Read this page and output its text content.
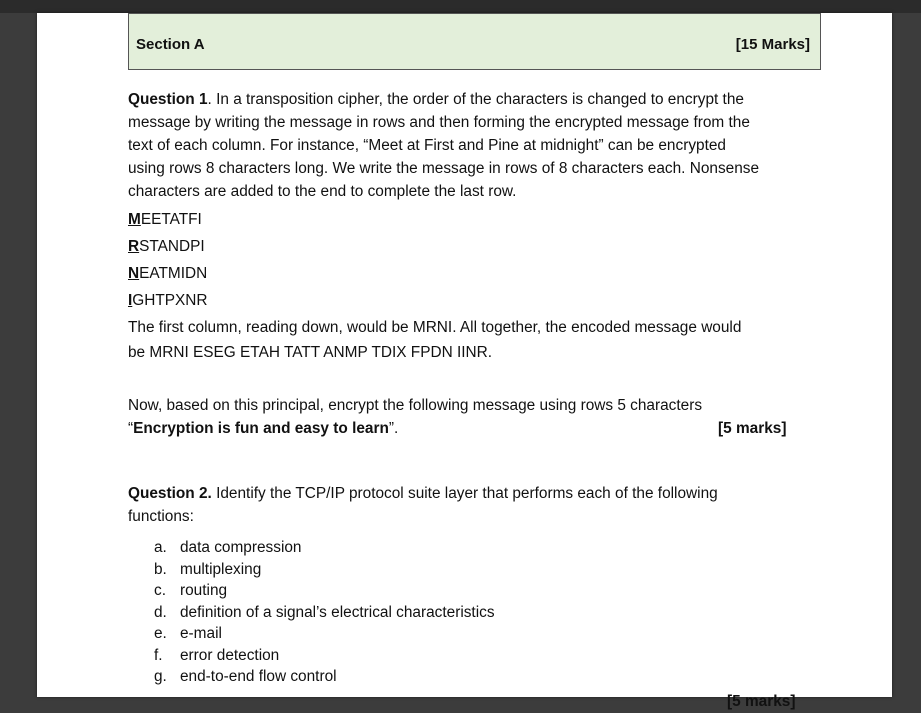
Section A	[15 Marks]
Question 1. In a transposition cipher, the order of the characters is changed to encrypt the
message by writing the message in rows and then forming the encrypted message from the
text of each column. For instance, “Meet at First and Pine at midnight” can be encrypted
using rows 8 characters long. We write the message in rows of 8 characters each. Nonsense
characters are added to the end to complete the last row.
MEETATFI
RSTANDPI
NEATMIDN
IGHTPXNR
The first column, reading down, would be MRNI. All together, the encoded message would
be MRNI ESEG ETAH TATT ANMP TDIX FPDN IINR.
Now, based on this principal, encrypt the following message using rows 5 characters
“Encryption is fun and easy to learn”.	[5 marks]
Question 2. Identify the TCP/IP protocol suite layer that performs each of the following
functions:
a. data compression
b. multiplexing
c. routing
d. definition of a signal’s electrical characteristics
e. e-mail
f. error detection
g. end-to-end flow control
[5 marks]
